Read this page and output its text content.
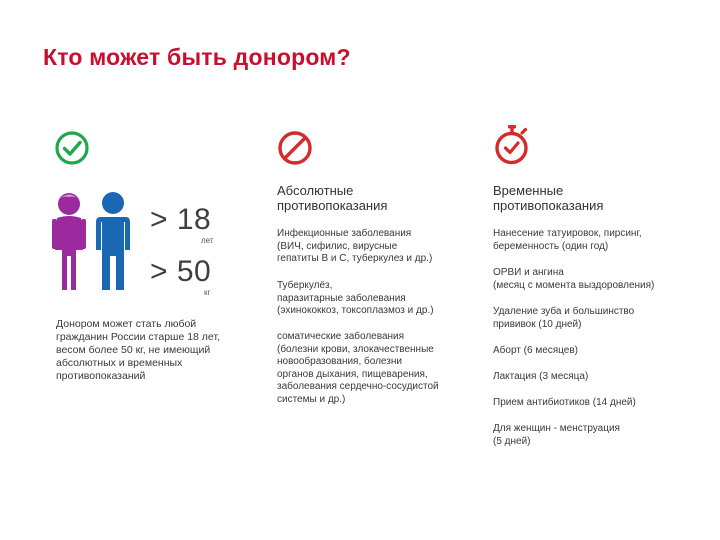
Кто может быть донором?
> 18
лет
> 50
кг
Донором может стать любой
гражданин России старше 18 лет,
весом более 50 кг, не имеющий
абсолютных и временных
противопоказаний
Абсолютные
противопоказания
Инфекционные заболевания
(ВИЧ, сифилис, вирусные
гепатиты В и С, туберкулез и др.)
Туберкулёз,
паразитарные заболевания
(эхинококкоз, токсоплазмоз и др.)
соматические заболевания
(болезни крови, злокачественные
новообразования, болезни
органов дыхания, пищеварения,
заболевания сердечно-сосудистой
системы и др.)
Временные
противопоказания
Нанесение татуировок, пирсинг,
беременность (один год)
ОРВИ и ангина
(месяц с момента выздоровления)
Удаление зуба и большинство
прививок (10 дней)
Аборт (6 месяцев)
Лактация (3 месяца)
Прием антибиотиков (14 дней)
Для женщин - менструация
(5 дней)
